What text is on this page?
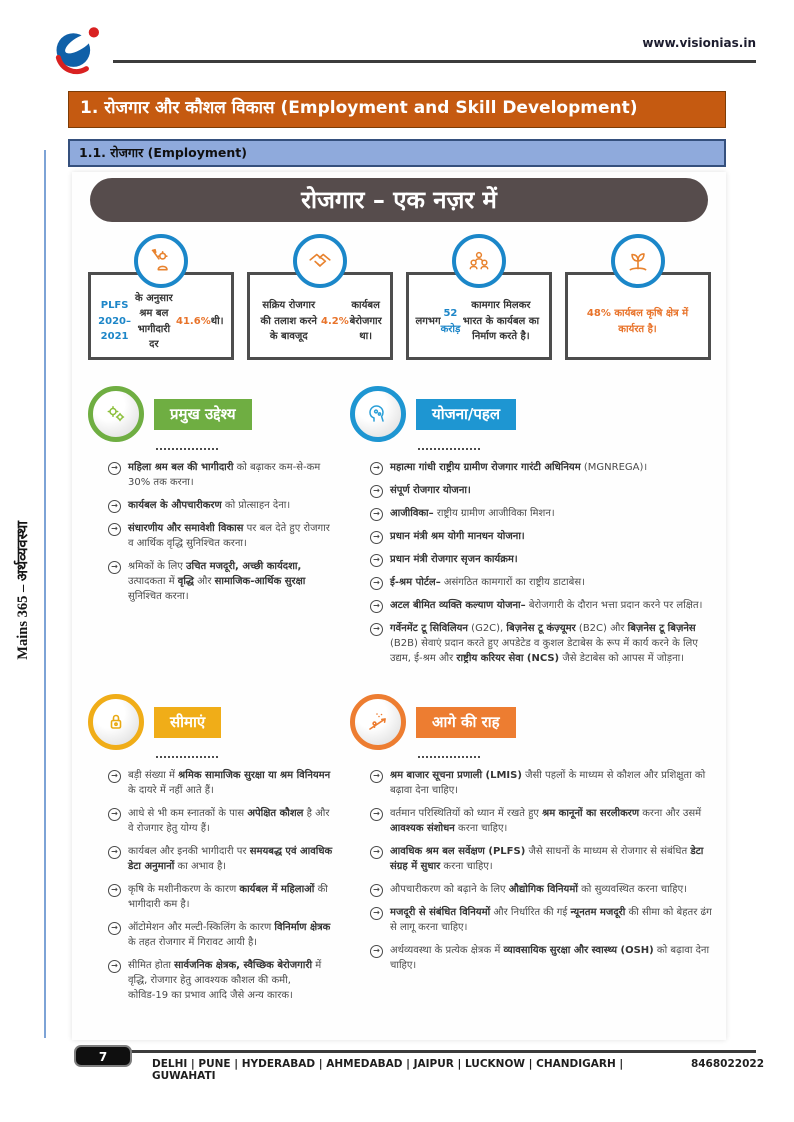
www.visionias.in
1. रोजगार और कौशल विकास (Employment and Skill Development)
1.1. रोजगार (Employment)
Mains 365 – अर्थव्यवस्था
रोजगार – एक नज़र में
PLFS 2020–2021
के अनुसार श्रम बल भागीदारी दर
41.6% थी।
सक्रिय रोजगार की तलाश करने के बावजूद
4.2%
कार्यबल बेरोजगार था।
लगभग
52 करोड़
कामगार मिलकर भारत के कार्यबल का निर्माण करते है।
48% कार्यबल कृषि क्षेत्र में कार्यरत है।
प्रमुख उद्देश्य
→	महिला श्रम बल की भागीदारी को बढ़ाकर कम-से-कम 30% तक करना।
→	कार्यबल के औपचारीकरण को प्रोत्साहन देना।
→	संधारणीय और समावेशी विकास पर बल देते हुए रोजगार व आर्थिक वृद्धि सुनिश्चित करना।
→	श्रमिकों के लिए उचित मजदूरी, अच्छी कार्यदशा, उत्पादकता में वृद्धि और सामाजिक-आर्थिक सुरक्षा सुनिश्चित करना।
योजना/पहल
→	महात्मा गांधी राष्ट्रीय ग्रामीण रोजगार गारंटी अधिनियम (MGNREGA)।
→	संपूर्ण रोजगार योजना।
→	आजीविका– राष्ट्रीय ग्रामीण आजीविका मिशन।
→	प्रधान मंत्री श्रम योगी मानधन योजना।
→	प्रधान मंत्री रोजगार सृजन कार्यक्रम।
→	ई-श्रम पोर्टल– असंगठित कामगारों का राष्ट्रीय डाटाबेस।
→	अटल बीमित व्यक्ति कल्याण योजना– बेरोजगारी के दौरान भत्ता प्रदान करने पर लक्षित।
→	गर्वेनमेंट टू सिविलियन (G2C), बिज़नेस टू कंज़्यूमर (B2C) और बिज़नेस टू बिज़नेस (B2B) सेवाएं प्रदान करते हुए अपडेटेड व कुशल डेटाबेस के रूप में कार्य करने के लिए उद्यम, ई-श्रम और राष्ट्रीय करियर सेवा (NCS) जैसे डेटाबेस को आपस में जोड़ना।
सीमाएं
→	बड़ी संख्या में श्रमिक सामाजिक सुरक्षा या श्रम विनियमन के दायरे में नहीं आते हैं।
→	आधे से भी कम स्नातकों के पास अपेक्षित कौशल है और वे रोजगार हेतु योग्य हैं।
→	कार्यबल और इनकी भागीदारी पर समयबद्ध एवं आवधिक डेटा अनुमानों का अभाव है।
→	कृषि के मशीनीकरण के कारण कार्यबल में महिलाओं की भागीदारी कम है।
→	ऑटोमेशन और मल्टी-स्किलिंग के कारण विनिर्माण क्षेत्रक के तहत रोजगार में गिरावट आयी है।
→	सीमित होता सार्वजनिक क्षेत्रक, स्वैच्छिक बेरोजगारी में वृद्धि, रोजगार हेतु आवश्यक कौशल की कमी, कोविड-19 का प्रभाव आदि जैसे अन्य कारक।
आगे की राह
→	श्रम बाजार सूचना प्रणाली (LMIS) जैसी पहलों के माध्यम से कौशल और प्रशिक्षुता को बढ़ावा देना चाहिए।
→	वर्तमान परिस्थितियों को ध्यान में रखते हुए श्रम कानूनों का सरलीकरण करना और उसमें आवश्यक संशोधन करना चाहिए।
→	आवधिक श्रम बल सर्वेक्षण (PLFS) जैसे साधनों के माध्यम से रोजगार से संबंधित डेटा संग्रह में सुधार करना चाहिए।
→	औपचारीकरण को बढ़ाने के लिए औद्योगिक विनियमों को सुव्यवस्थित करना चाहिए।
→	मजदूरी से संबंधित विनियमों और निर्धारित की गई न्यूनतम मजदूरी की सीमा को बेहतर ढंग से लागू करना चाहिए।
→	अर्थव्यवस्था के प्रत्येक क्षेत्रक में व्यावसायिक सुरक्षा और स्वास्थ्य (OSH) को बढ़ावा देना चाहिए।
7	DELHI | PUNE | HYDERABAD | AHMEDABAD | JAIPUR | LUCKNOW | CHANDIGARH | GUWAHATI
8468022022
